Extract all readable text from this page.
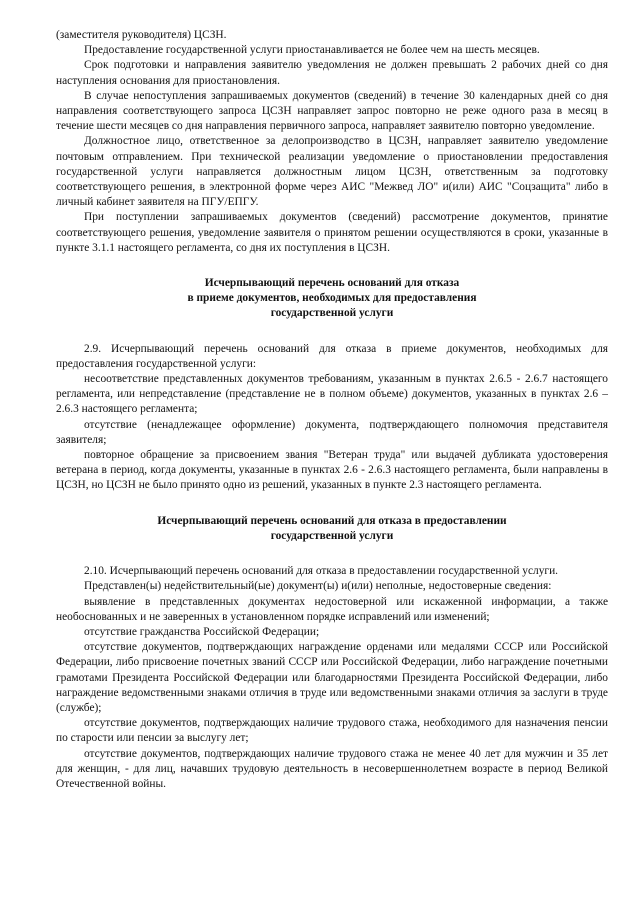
(заместителя руководителя) ЦСЗН.

Предоставление государственной услуги приостанавливается не более чем на шесть месяцев.

Срок подготовки и направления заявителю уведомления не должен превышать 2 рабочих дней со дня наступления основания для приостановления.

В случае непоступления запрашиваемых документов (сведений) в течение 30 календарных дней со дня направления соответствующего запроса ЦСЗН направляет запрос повторно не реже одного раза в месяц в течение шести месяцев со дня направления первичного запроса, направляет заявителю повторно уведомление.

Должностное лицо, ответственное за делопроизводство в ЦСЗН, направляет заявителю уведомление почтовым отправлением. При технической реализации уведомление о приостановлении предоставления государственной услуги направляется должностным лицом ЦСЗН, ответственным за подготовку соответствующего решения, в электронной форме через АИС "Межвед ЛО" и(или) АИС "Соцзащита" либо в личный кабинет заявителя на ПГУ/ЕПГУ.

При поступлении запрашиваемых документов (сведений) рассмотрение документов, принятие соответствующего решения, уведомление заявителя о принятом решении осуществляются в сроки, указанные в пункте 3.1.1 настоящего регламента, со дня их поступления в ЦСЗН.

Исчерпывающий перечень оснований для отказа

в приеме документов, необходимых для предоставления

государственной услуги

2.9. Исчерпывающий перечень оснований для отказа в приеме документов, необходимых для предоставления государственной услуги:

несоответствие представленных документов требованиям, указанным в пунктах 2.6.5 - 2.6.7 настоящего регламента, или непредставление (представление не в полном объеме) документов, указанных в пунктах 2.6 – 2.6.3 настоящего регламента;

отсутствие (ненадлежащее оформление) документа, подтверждающего полномочия представителя заявителя;

повторное обращение за присвоением звания "Ветеран труда" или выдачей дубликата удостоверения ветерана в период, когда документы, указанные в пунктах 2.6 - 2.6.3 настоящего регламента, были направлены в ЦСЗН, но ЦСЗН не было принято одно из решений, указанных в пункте 2.3 настоящего регламента.

Исчерпывающий перечень оснований для отказа в предоставлении

государственной услуги

2.10. Исчерпывающий перечень оснований для отказа в предоставлении государственной услуги.

Представлен(ы) недействительный(ые) документ(ы) и(или) неполные, недостоверные сведения:

выявление в представленных документах недостоверной или искаженной информации, а также необоснованных и не заверенных в установленном порядке исправлений или изменений;

отсутствие гражданства Российской Федерации;

отсутствие документов, подтверждающих награждение орденами или медалями СССР или Российской Федерации, либо присвоение почетных званий СССР или Российской Федерации, либо награждение почетными грамотами Президента Российской Федерации или благодарностями Президента Российской Федерации, либо награждение ведомственными знаками отличия в труде или ведомственными знаками отличия за заслуги в труде (службе);

отсутствие документов, подтверждающих наличие трудового стажа, необходимого для назначения пенсии по старости или пенсии за выслугу лет;

отсутствие документов, подтверждающих наличие трудового стажа не менее 40 лет для мужчин и 35 лет для женщин, - для лиц, начавших трудовую деятельность в несовершеннолетнем возрасте в период Великой Отечественной войны.
